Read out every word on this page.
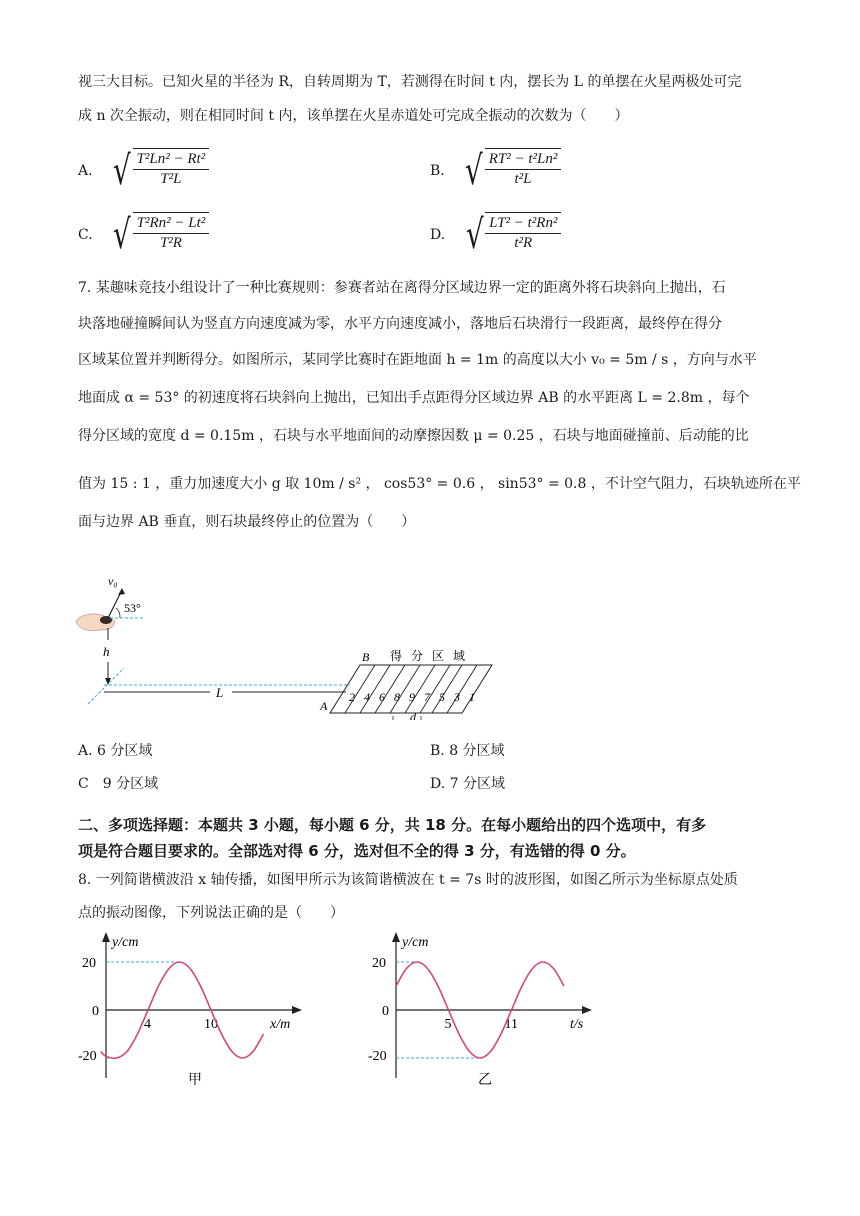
视三大目标。已知火星的半径为 R，自转周期为 T，若测得在时间 t 内，摆长为 L 的单摆在火星两极处可完
成 n 次全振动，则在相同时间 t 内，该单摆在火星赤道处可完成全振动的次数为（　　）
A. √ $\frac{\text{T²Ln² − Rt²}}{\text{T²L}}$	B. √ $\frac{\text{RT² − t²Ln²}}{\text{t²L}}$
C. √ $\frac{\text{T²Rn² − Lt²}}{\text{T²R}}$	D. √ $\frac{\text{LT² − t²Rn²}}{\text{t²R}}$
7. 某趣味竞技小组设计了一种比赛规则：参赛者站在离得分区域边界一定的距离外将石块斜向上抛出，石
块落地碰撞瞬间认为竖直方向速度减为零，水平方向速度减小，落地后石块滑行一段距离，最终停在得分
区域某位置并判断得分。如图所示，某同学比赛时在距地面 h = 1m 的高度以大小 v₀ = 5m / s ，方向与水平
地面成 α = 53° 的初速度将石块斜向上抛出，已知出手点距得分区域边界 AB 的水平距离 L = 2.8m ，每个
得分区域的宽度 d = 0.15m ，石块与水平地面间的动摩擦因数 μ = 0.25 ，石块与地面碰撞前、后动能的比
值为 15 : 1 ，重力加速度大小 g 取 10m / s² ， cos53° = 0.6 ， sin53° = 0.8 ，不计空气阻力，石块轨迹所在平
面与边界 AB 垂直，则石块最终停止的位置为（　　）
v₀
53°
h
L
B
A
得 分 区 域
2 4 6 8 9 7 5 3 1
d
A. 6 分区域	B. 8 分区域
C　9 分区域	D. 7 分区域
二、多项选择题：本题共 3 小题，每小题 6 分，共 18 分。在每小题给出的四个选项中，有多
项是符合题目要求的。全部选对得 6 分，选对但不全的得 3 分，有选错的得 0 分。
8. 一列简谐横波沿 x 轴传播，如图甲所示为该简谐横波在 t = 7s 时的波形图，如图乙所示为坐标原点处质
点的振动图像，下列说法正确的是（　　）
y/cm
x/m
20
0
-20
4	10
甲
y/cm
t/s
20
0
-20
5	11
乙
